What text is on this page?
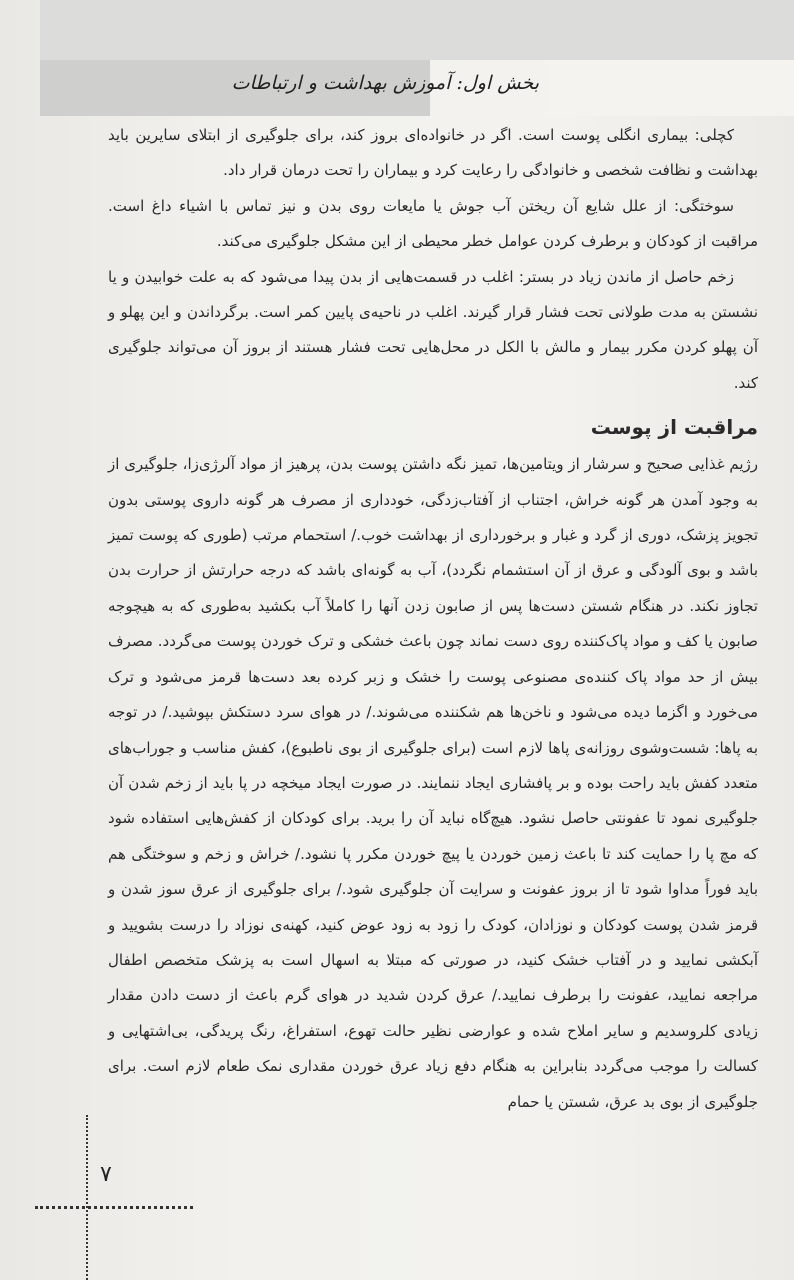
بخش اول: آموزش بهداشت و ارتباطات

کچلی: بیماری انگلی پوست است. اگر در خانواده‌ای بروز کند، برای جلوگیری از ابتلای سایرین باید بهداشت و نظافت شخصی و خانوادگی را رعایت کرد و بیماران را تحت درمان قرار داد.

سوختگی: از علل شایع آن ریختن آب جوش یا مایعات روی بدن و نیز تماس با اشیاء داغ است. مراقبت از کودکان و برطرف کردن عوامل خطر محیطی از این مشکل جلوگیری می‌کند.

زخم حاصل از ماندن زیاد در بستر: اغلب در قسمت‌هایی از بدن پیدا می‌شود که به علت خوابیدن و یا نشستن به مدت طولانی تحت فشار قرار گیرند. اغلب در ناحیه‌ی پایین کمر است. برگرداندن و این پهلو و آن پهلو کردن مکرر بیمار و مالش با الکل در محل‌هایی تحت فشار هستند از بروز آن می‌تواند جلوگیری کند.

مراقبت از پوست

رژیم غذایی صحیح و سرشار از ویتامین‌ها، تمیز نگه داشتن پوست بدن، پرهیز از مواد آلرژی‌زا، جلوگیری از به وجود آمدن هر گونه خراش، اجتناب از آفتاب‌زدگی، خودداری از مصرف هر گونه داروی پوستی بدون تجویز پزشک، دوری از گرد و غبار و برخورداری از بهداشت خوب./ استحمام مرتب (طوری که پوست تمیز باشد و بوی آلودگی و عرق از آن استشمام نگردد)، آب به گونه‌ای باشد که درجه حرارتش از حرارت بدن تجاوز نکند. در هنگام شستن دست‌ها پس از صابون زدن آنها را کاملاً آب بکشید به‌طوری که به هیچوجه صابون یا کف و مواد پاک‌کننده روی دست نماند چون باعث خشکی و ترک خوردن پوست می‌گردد. مصرف بیش از حد مواد پاک کننده‌ی مصنوعی پوست را خشک و زبر کرده بعد دست‌ها قرمز می‌شود و ترک می‌خورد و اگزما دیده می‌شود و ناخن‌ها هم شکننده می‌شوند./ در هوای سرد دستکش بپوشید./ در توجه به پاها: شست‌وشوی روزانه‌ی پاها لازم است (برای جلوگیری از بوی ناطبوع)، کفش مناسب و جوراب‌های متعدد کفش باید راحت بوده و بر پافشاری ایجاد ننمایند. در صورت ایجاد میخچه در پا باید از زخم شدن آن جلوگیری نمود تا عفونتی حاصل نشود. هیچ‌گاه نباید آن را برید. برای کودکان از کفش‌هایی استفاده شود که مچ پا را حمایت کند تا باعث زمین خوردن یا پیچ خوردن مکرر پا نشود./ خراش و زخم و سوختگی هم باید فوراً مداوا شود تا از بروز عفونت و سرایت آن جلوگیری شود./ برای جلوگیری از عرق سوز شدن و قرمز شدن پوست کودکان و نوزادان، کودک را زود به زود عوض کنید، کهنه‌ی نوزاد را درست بشویید و آبکشی نمایید و در آفتاب خشک کنید، در صورتی که مبتلا به اسهال است به پزشک متخصص اطفال مراجعه نمایید، عفونت را برطرف نمایید./ عرق کردن شدید در هوای گرم باعث از دست دادن مقدار زیادی کلروسدیم و سایر املاح شده و عوارضی نظیر حالت تهوع، استفراغ، رنگ پریدگی، بی‌اشتهایی و کسالت را موجب می‌گردد بنابراین به هنگام دفع زیاد عرق خوردن مقداری نمک طعام لازم است. برای جلوگیری از بوی بد عرق، شستن یا حمام

۷
